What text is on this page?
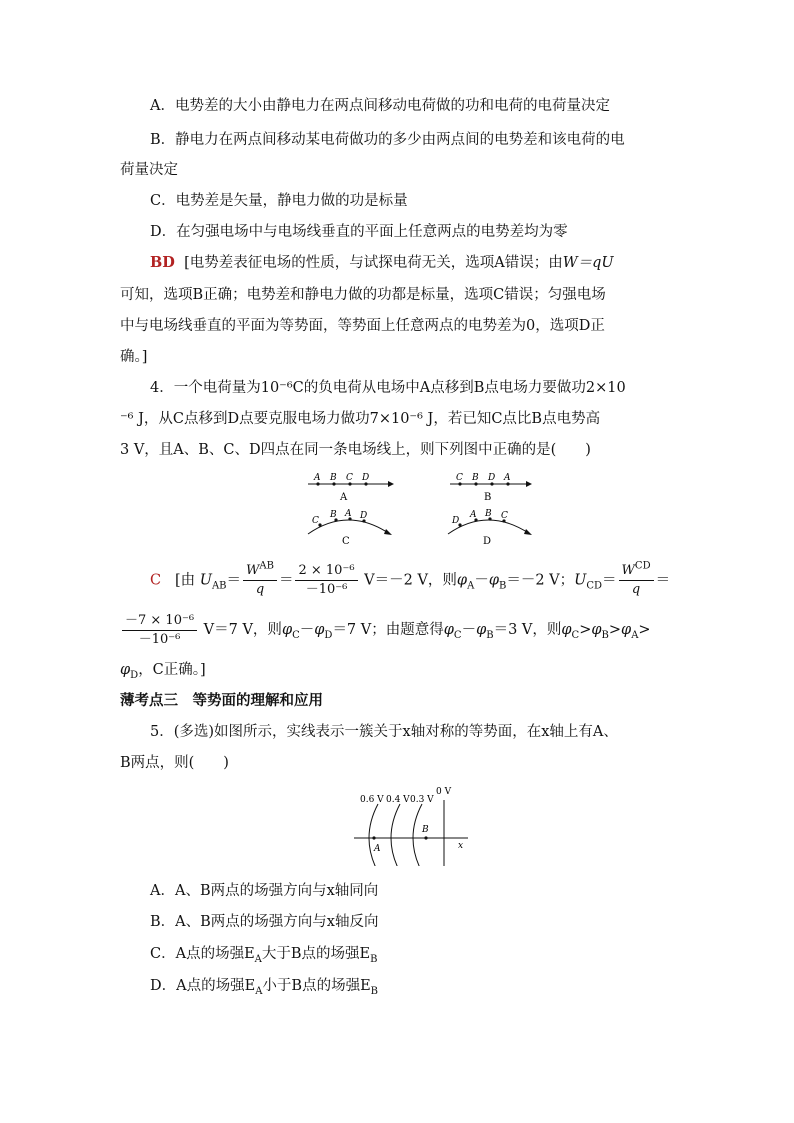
A．电势差的大小由静电力在两点间移动电荷做的功和电荷的电荷量决定
B．静电力在两点间移动某电荷做功的多少由两点间的电势差和该电荷的电
荷量决定
C．电势差是矢量，静电力做的功是标量
D．在匀强电场中与电场线垂直的平面上任意两点的电势差均为零
BD [电势差表征电场的性质，与试探电荷无关，选项A错误；由W＝qU
可知，选项B正确；电势差和静电力做的功都是标量，选项C错误；匀强电场
中与电场线垂直的平面为等势面，等势面上任意两点的电势差为0，选项D正
确。]
4．一个电荷量为10⁻⁶C的负电荷从电场中A点移到B点电场力要做功2×10
⁻⁶ J，从C点移到D点要克服电场力做功7×10⁻⁶ J，若已知C点比B点电势高
3 V，且A、B、C、D四点在同一条电场线上，则下列图中正确的是(　　)
A B C D
A
C B D A
B
C
B A D
C
D
A B C
D
C [由 $U_{AB}= \frac{W^{AB}}{q} = \frac{\text{2 × 10⁻⁶}}{\text{－10⁻⁶}} V=-2$ V，则$\varphi_A-\varphi_B=-2$ V；$U_{CD}= \frac{W^{CD}}{q}$ ＝
$\frac{\text{－7 × 10⁻⁶}}{\text{－10⁻⁶}} V=7$ V，则$\varphi_C-\varphi_D=7$ V；由题意得$\varphi_C-\varphi_B=3$ V，则$\varphi_C>\varphi_B>\varphi_A>$
$\varphi_D$，C正确。]
薄考点三　等势面的理解和应用
5．(多选)如图所示，实线表示一簇关于x轴对称的等势面，在x轴上有A、
B两点，则(　　)
x
0.6 V 0.4 V 0.3 V
0 V
A
B
A．A、B两点的场强方向与x轴同向
B．A、B两点的场强方向与x轴反向
C．A点的场强$E_A$大于B点的场强$E_B$
D．A点的场强$E_A$小于B点的场强$E_B$
